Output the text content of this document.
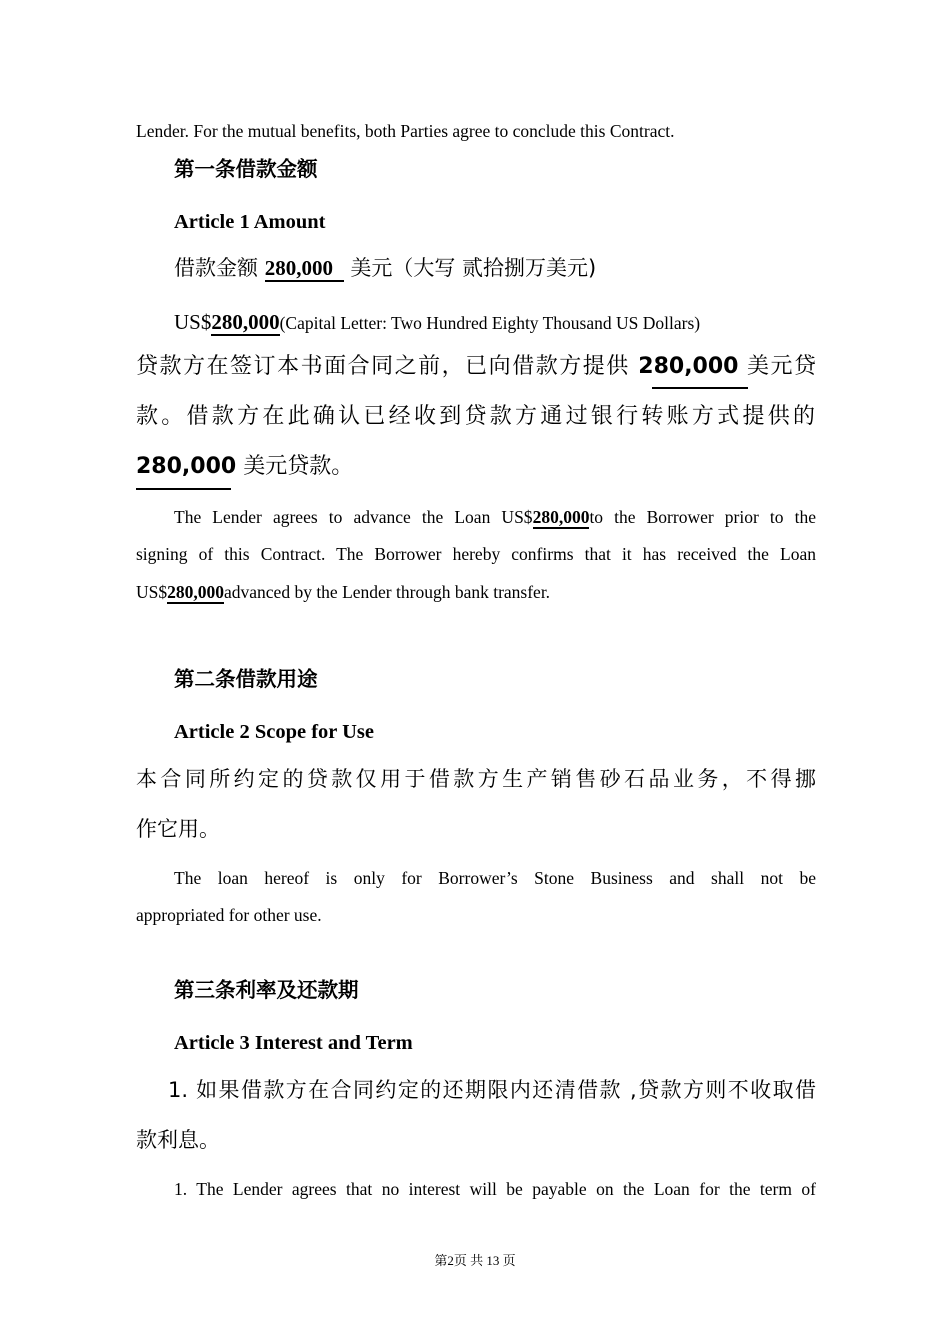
Lender. For the mutual benefits, both Parties agree to conclude this Contract.
第一条借款金额
Article 1 Amount
借款金额 280,000 美元（大写 贰拾捌万美元)
US$280,000(Capital Letter: Two Hundred Eighty Thousand US Dollars)
贷款方在签订本书面合同之前，已向借款方提供 280,000 美元贷
款。借款方在此确认已经收到贷款方通过银行转账方式提供的
280,000 美元贷款。
The Lender agrees to advance the Loan US$280,000to the Borrower prior to the
signing of this Contract. The Borrower hereby confirms that it has received the Loan
US$280,000advanced by the Lender through bank transfer.
第二条借款用途
Article 2 Scope for Use
本合同所约定的贷款仅用于借款方生产销售砂石品业务，不得挪
作它用。
The loan hereof is only for Borrower’s Stone Business and shall not be
appropriated for other use.
第三条利率及还款期
Article 3 Interest and Term
1. 如果借款方在合同约定的还期限内还清借款 ,贷款方则不收取借
款利息。
1. The Lender agrees that no interest will be payable on the Loan for the term of
第2页 共 13 页
